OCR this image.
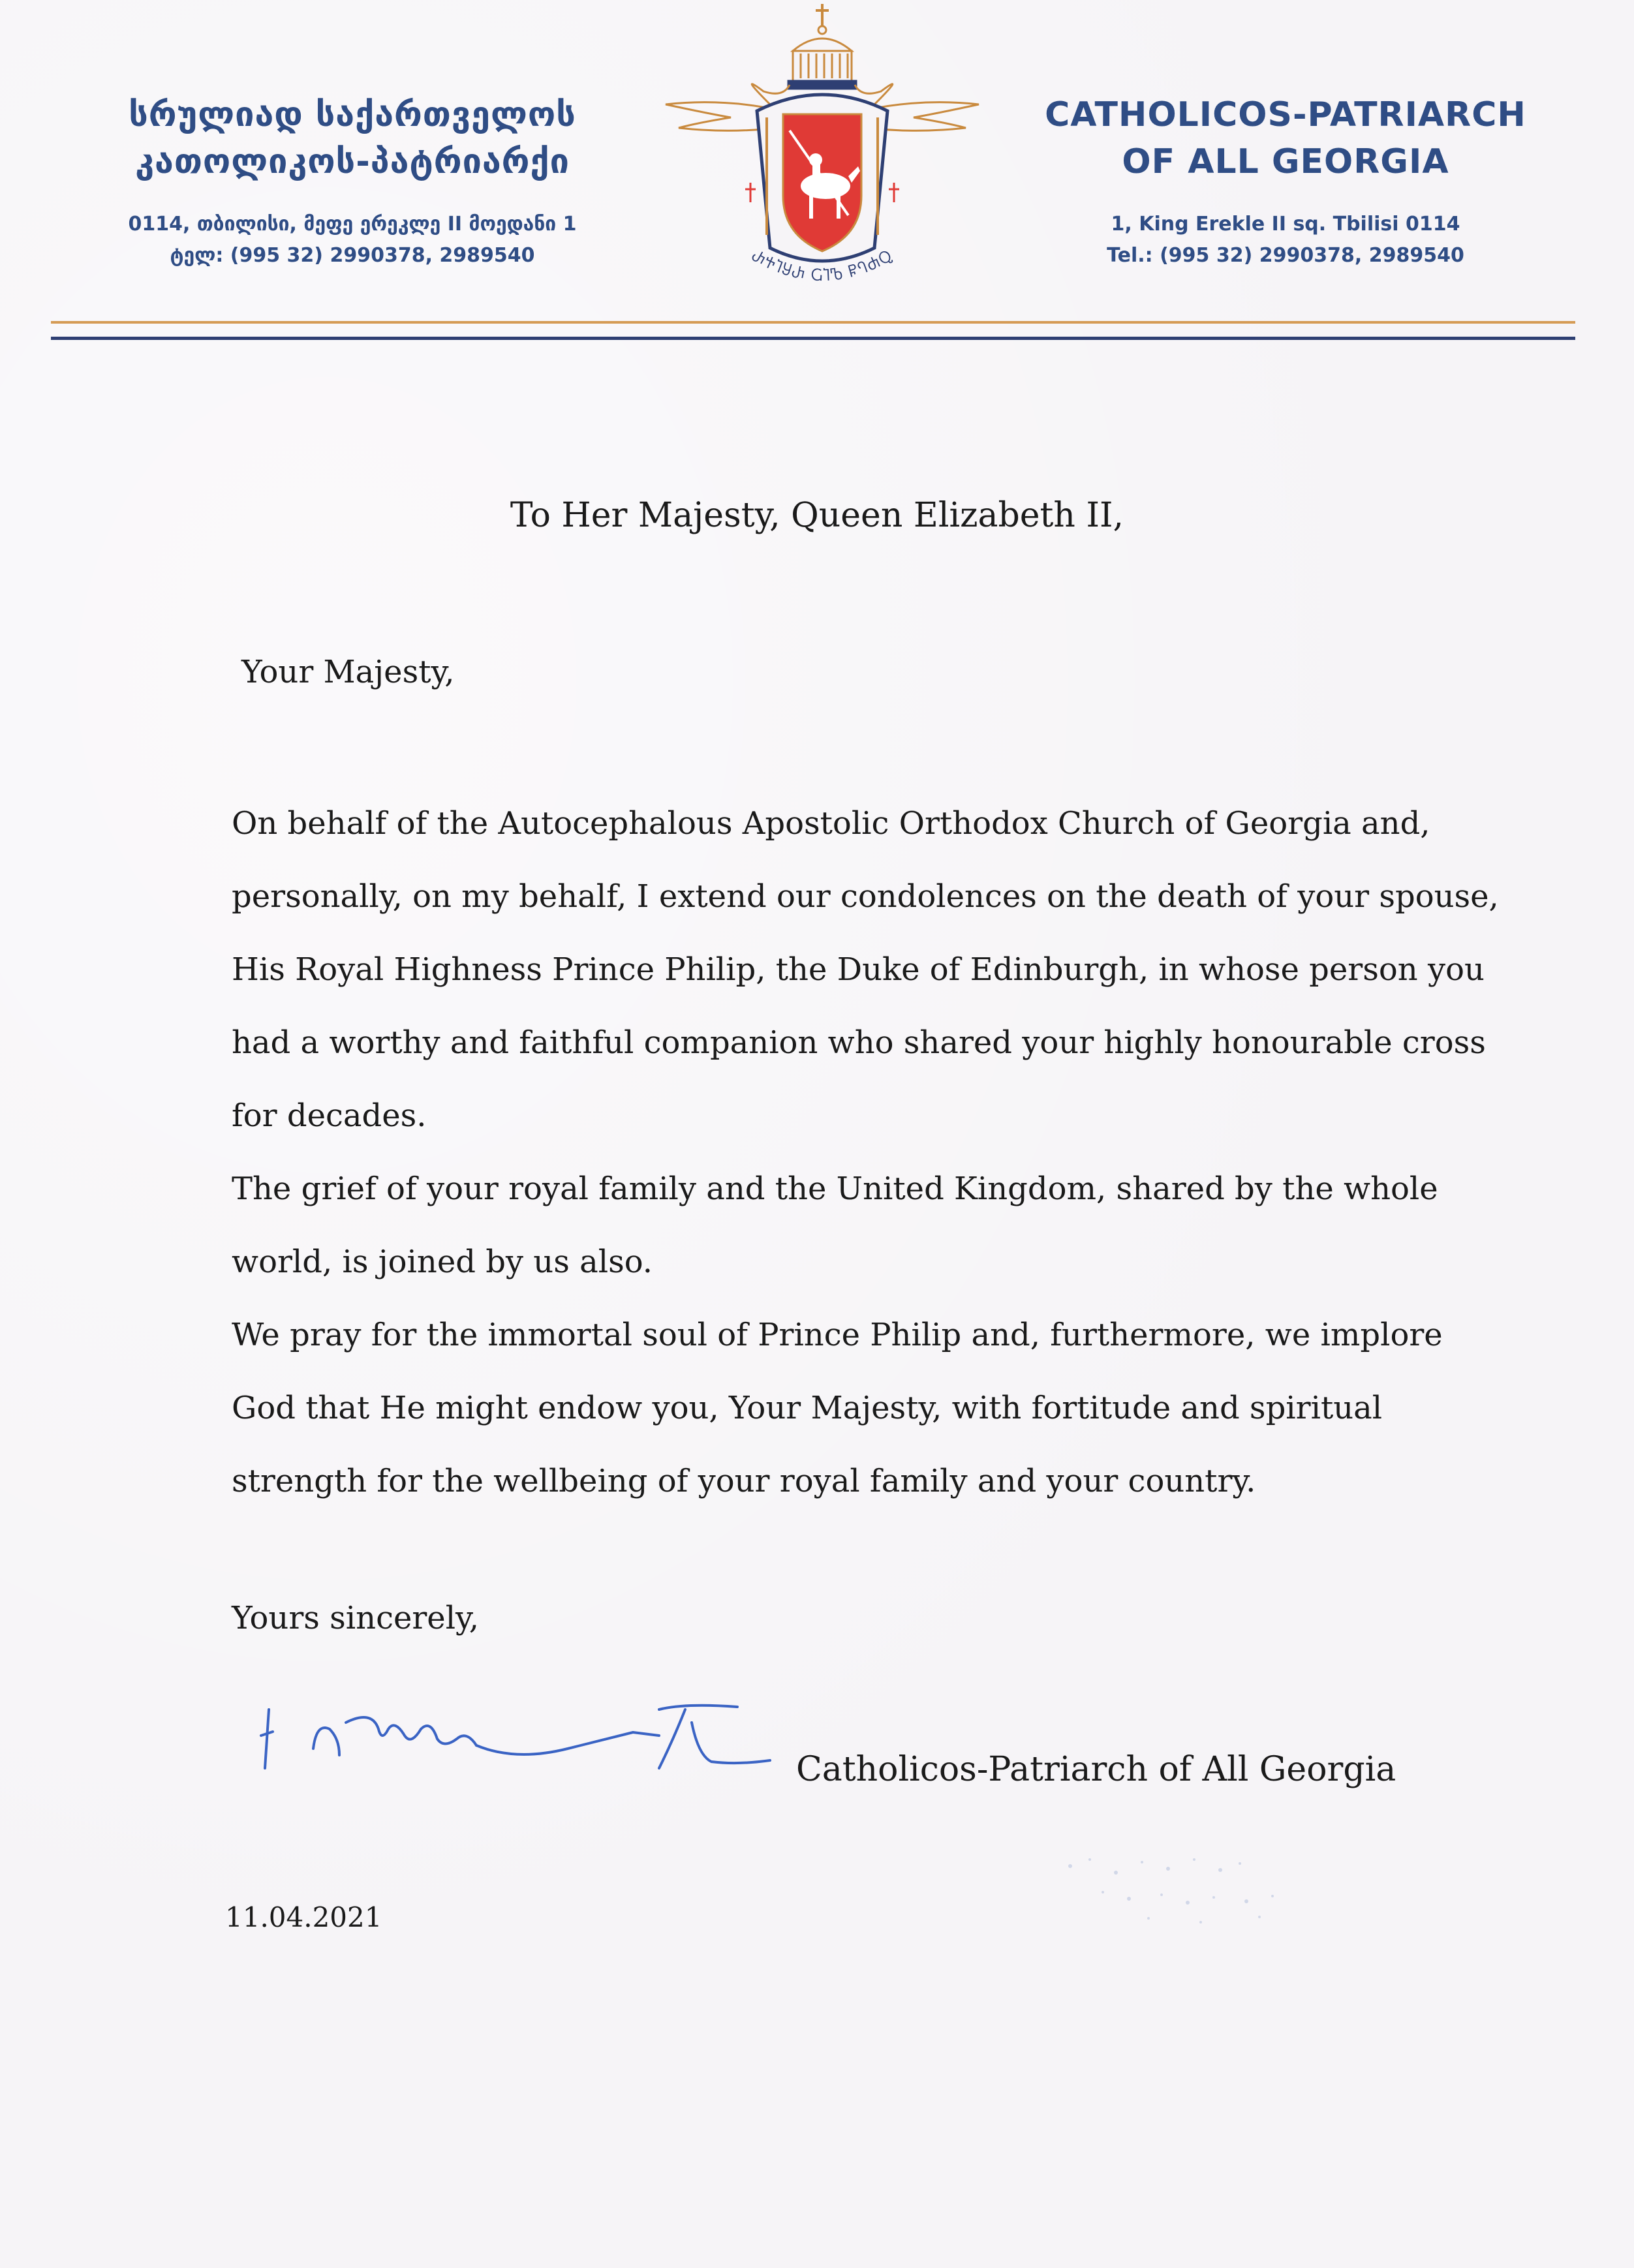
სრულიად საქართველოს
კათოლიკოს-პატრიარქი
0114, თბილისი, მეფე ერეკლე II მოედანი 1
ტელ: (995 32) 2990378, 2989540	ႰႵႨႸႰ ႺႨႪ ႼႤႻႭ
CATHOLICOS-PATRIARCH
OF ALL GEORGIA
1, King Erekle II sq. Tbilisi 0114
Tel.: (995 32) 2990378, 2989540
To Her Majesty, Queen Elizabeth II,
Your Majesty,
On behalf of the Autocephalous Apostolic Orthodox Church of Georgia and,
personally, on my behalf, I extend our condolences on the death of your spouse,
His Royal Highness Prince Philip, the Duke of Edinburgh, in whose person you
had a worthy and faithful companion who shared your highly honourable cross
for decades.
The grief of your royal family and the United Kingdom, shared by the whole
world, is joined by us also.
We pray for the immortal soul of Prince Philip and, furthermore, we implore
God that He might endow you, Your Majesty, with fortitude and spiritual
strength for the wellbeing of your royal family and your country.
Yours sincerely,
Catholicos-Patriarch of All Georgia
11.04.2021
